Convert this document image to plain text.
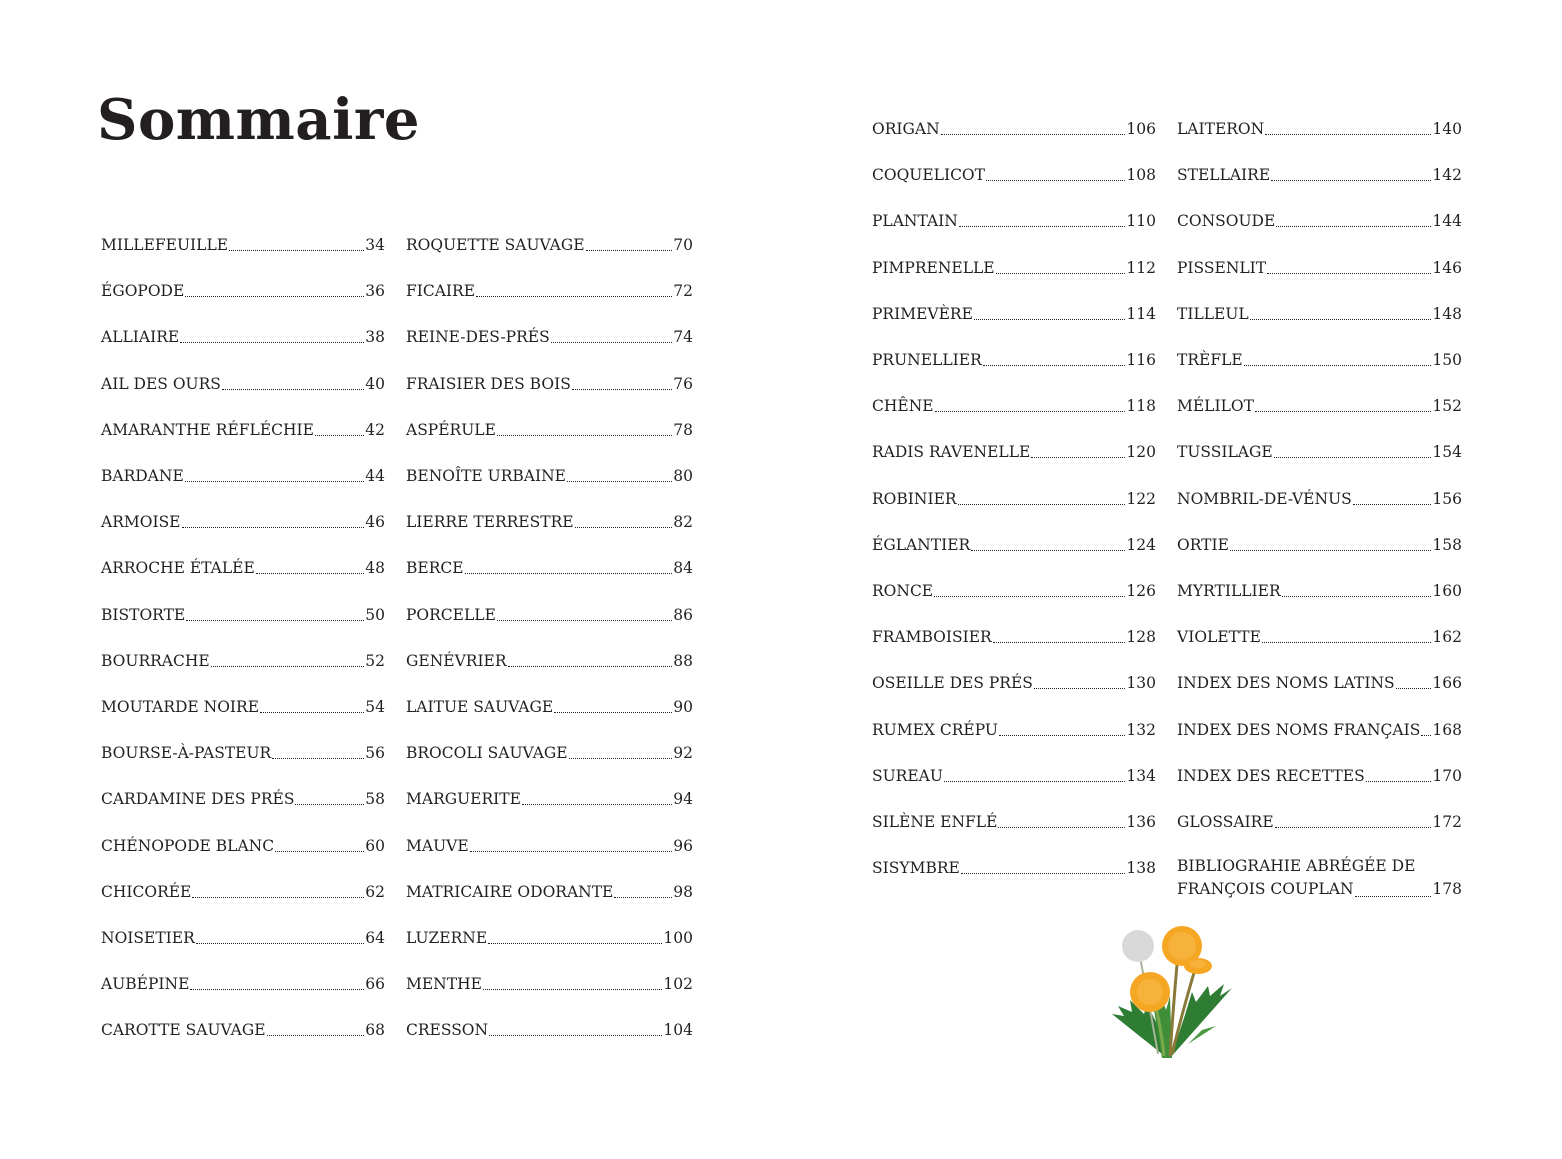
Sommaire
MILLEFEUILLE	34
ÉGOPODE	36
ALLIAIRE	38
AIL DES OURS	40
AMARANTHE RÉFLÉCHIE	42
BARDANE	44
ARMOISE	46
ARROCHE ÉTALÉE	48
BISTORTE	50
BOURRACHE	52
MOUTARDE NOIRE	54
BOURSE-À-PASTEUR	56
CARDAMINE DES PRÉS	58
CHÉNOPODE BLANC	60
CHICORÉE	62
NOISETIER	64
AUBÉPINE	66
CAROTTE SAUVAGE	68
ROQUETTE SAUVAGE	70
FICAIRE	72
REINE-DES-PRÉS	74
FRAISIER DES BOIS	76
ASPÉRULE	78
BENOÎTE URBAINE	80
LIERRE TERRESTRE	82
BERCE	84
PORCELLE	86
GENÉVRIER	88
LAITUE SAUVAGE	90
BROCOLI SAUVAGE	92
MARGUERITE	94
MAUVE	96
MATRICAIRE ODORANTE	98
LUZERNE	100
MENTHE	102
CRESSON	104
ORIGAN	106
COQUELICOT	108
PLANTAIN	110
PIMPRENELLE	112
PRIMEVÈRE	114
PRUNELLIER	116
CHÊNE	118
RADIS RAVENELLE	120
ROBINIER	122
ÉGLANTIER	124
RONCE	126
FRAMBOISIER	128
OSEILLE DES PRÉS	130
RUMEX CRÉPU	132
SUREAU	134
SILÈNE ENFLÉ	136
SISYMBRE	138
LAITERON	140
STELLAIRE	142
CONSOUDE	144
PISSENLIT	146
TILLEUL	148
TRÈFLE	150
MÉLILOT	152
TUSSILAGE	154
NOMBRIL-DE-VÉNUS	156
ORTIE	158
MYRTILLIER	160
VIOLETTE	162
INDEX DES NOMS LATINS 166
INDEX DES NOMS FRANÇAIS 168
INDEX DES RECETTES	170
GLOSSAIRE	172
BIBLIOGRAHIE ABRÉGÉE DE
FRANÇOIS COUPLAN	178
